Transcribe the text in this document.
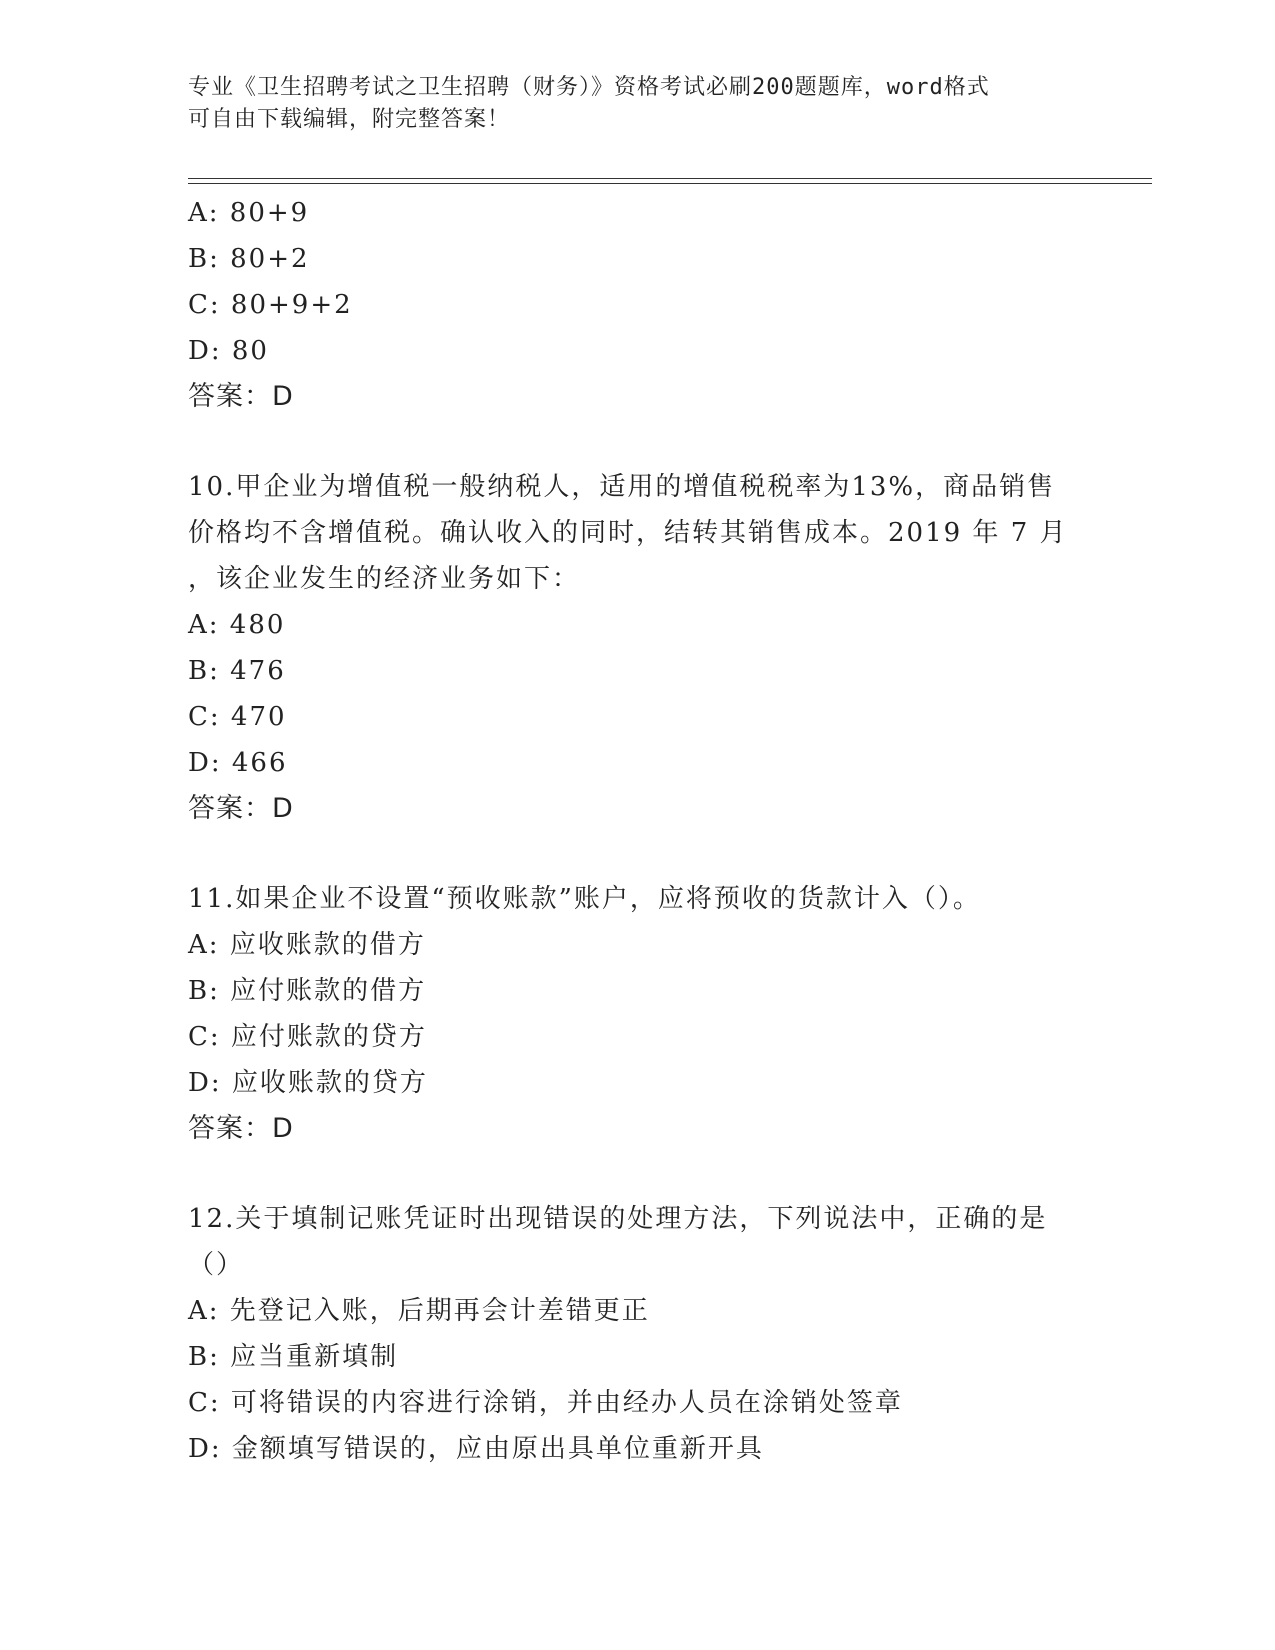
专业《卫生招聘考试之卫生招聘（财务）》资格考试必刷200题题库，word格式

可自由下载编辑，附完整答案！

A: 80+9

B: 80+2

C: 80+9+2

D: 80

答案：D

10.甲企业为增值税一般纳税人，适用的增值税税率为13%，商品销售

价格均不含增值税。确认收入的同时，结转其销售成本。2019 年 7 月

，该企业发生的经济业务如下：

A: 480

B: 476

C: 470

D: 466

答案：D

11.如果企业不设置“预收账款”账户，应将预收的货款计入（）。

A: 应收账款的借方

B: 应付账款的借方

C: 应付账款的贷方

D: 应收账款的贷方

答案：D

12.关于填制记账凭证时出现错误的处理方法，下列说法中，正确的是

（）

A: 先登记入账，后期再会计差错更正

B: 应当重新填制

C: 可将错误的内容进行涂销，并由经办人员在涂销处签章

D: 金额填写错误的，应由原出具单位重新开具
